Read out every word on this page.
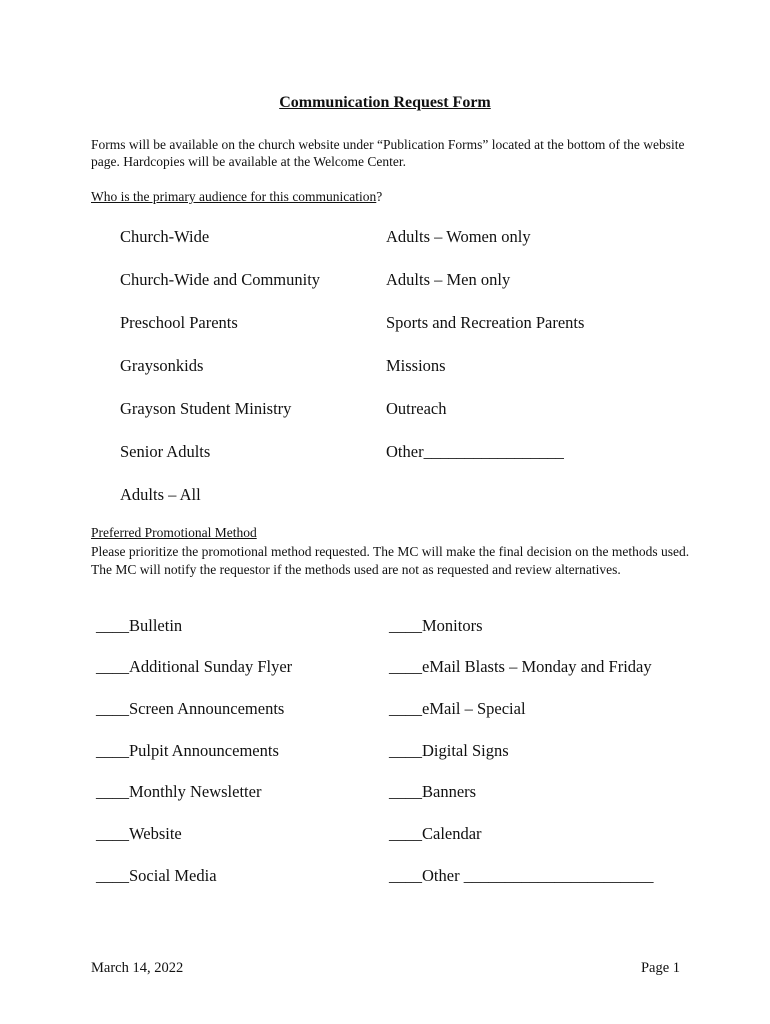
Communication Request Form
Forms will be available on the church website under “Publication Forms” located at the bottom of the website page. Hardcopies will be available at the Welcome Center.
Who is the primary audience for this communication?
Church-Wide
Church-Wide and Community
Preschool Parents
Graysonkids
Grayson Student Ministry
Senior Adults
Adults – All
Adults – Women only
Adults – Men only
Sports and Recreation Parents
Missions
Outreach
Other_________________
Preferred Promotional Method
Please prioritize the promotional method requested. The MC will make the final decision on the methods used. The MC will notify the requestor if the methods used are not as requested and review alternatives.
____Bulletin
____Additional Sunday Flyer
____Screen Announcements
____Pulpit Announcements
____Monthly Newsletter
____Website
____Social Media
____Monitors
____eMail Blasts – Monday and Friday
____eMail – Special
____Digital Signs
____Banners
____Calendar
____Other _______________________
March 14, 2022	Page 1
